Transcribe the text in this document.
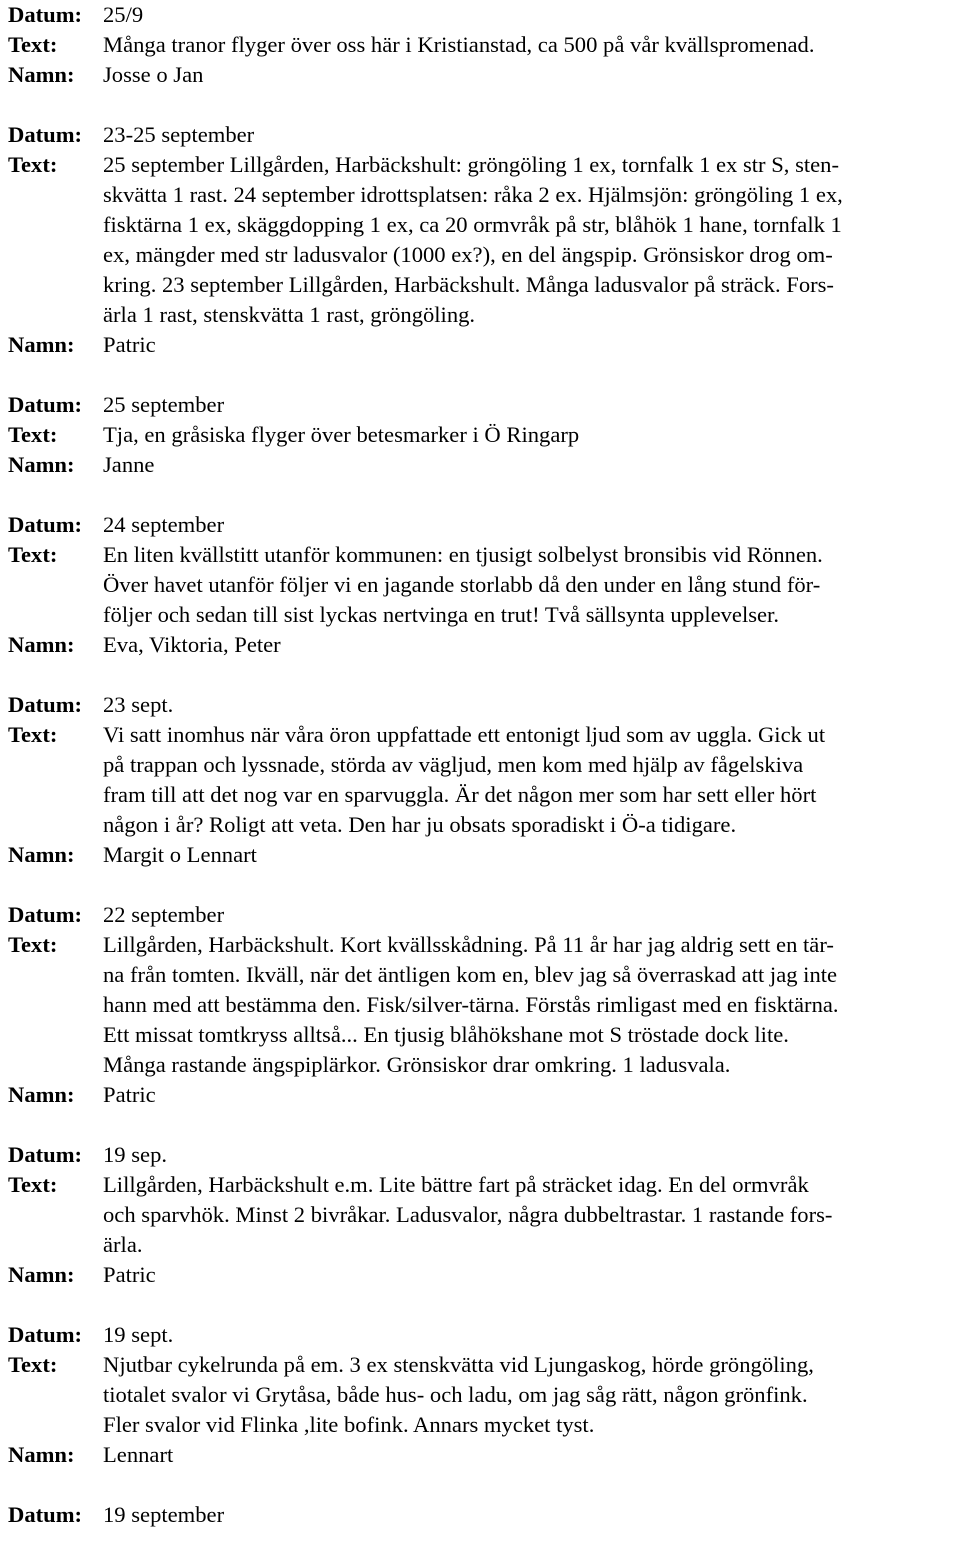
Datum: 25/9
Text:	Många tranor flyger över oss här i Kristianstad, ca 500 på vår kvällspromenad.
Namn:	Josse o Jan
Datum: 23-25 september
Text:	25 september Lillgården, Harbäckshult: gröngöling 1 ex, tornfalk 1 ex str S, sten-
skvätta 1 rast. 24 september idrottsplatsen: råka 2 ex. Hjälmsjön: gröngöling 1 ex,
fisktärna 1 ex, skäggdopping 1 ex, ca 20 ormvråk på str, blåhök 1 hane, tornfalk 1
ex, mängder med str ladusvalor (1000 ex?), en del ängspip. Grönsiskor drog om-
kring. 23 september Lillgården, Harbäckshult. Många ladusvalor på sträck. Fors-
ärla 1 rast, stenskvätta 1 rast, gröngöling.
Namn:	Patric
Datum: 25 september
Text:	Tja, en gråsiska flyger över betesmarker i Ö Ringarp
Namn:	Janne
Datum: 24 september
Text:	En liten kvällstitt utanför kommunen: en tjusigt solbelyst bronsibis vid Rönnen.
Över havet utanför följer vi en jagande storlabb då den under en lång stund för-
följer och sedan till sist lyckas nertvinga en trut! Två sällsynta upplevelser.
Namn:	Eva, Viktoria, Peter
Datum: 23 sept.
Text:	Vi satt inomhus när våra öron uppfattade ett entonigt ljud som av uggla. Gick ut
på trappan och lyssnade, störda av vägljud, men kom med hjälp av fågelskiva
fram till att det nog var en sparvuggla. Är det någon mer som har sett eller hört
någon i år? Roligt att veta. Den har ju obsats sporadiskt i Ö-a tidigare.
Namn:	Margit o Lennart
Datum: 22 september
Text:	Lillgården, Harbäckshult. Kort kvällsskådning. På 11 år har jag aldrig sett en tär-
na från tomten. Ikväll, när det äntligen kom en, blev jag så överraskad att jag inte
hann med att bestämma den. Fisk/silver-tärna. Förstås rimligast med en fisktärna.
Ett missat tomtkryss alltså... En tjusig blåhökshane mot S tröstade dock lite.
Många rastande ängspiplärkor. Grönsiskor drar omkring. 1 ladusvala.
Namn:	Patric
Datum: 19 sep.
Text:	Lillgården, Harbäckshult e.m. Lite bättre fart på sträcket idag. En del ormvråk
och sparvhök. Minst 2 bivråkar. Ladusvalor, några dubbeltrastar. 1 rastande fors-
ärla.
Namn:	Patric
Datum: 19 sept.
Text:	Njutbar cykelrunda på em. 3 ex stenskvätta vid Ljungaskog, hörde gröngöling,
tiotalet svalor vi Grytåsa, både hus- och ladu, om jag såg rätt, någon grönfink.
Fler svalor vid Flinka ,lite bofink. Annars mycket tyst.
Namn:	Lennart
Datum: 19 september
